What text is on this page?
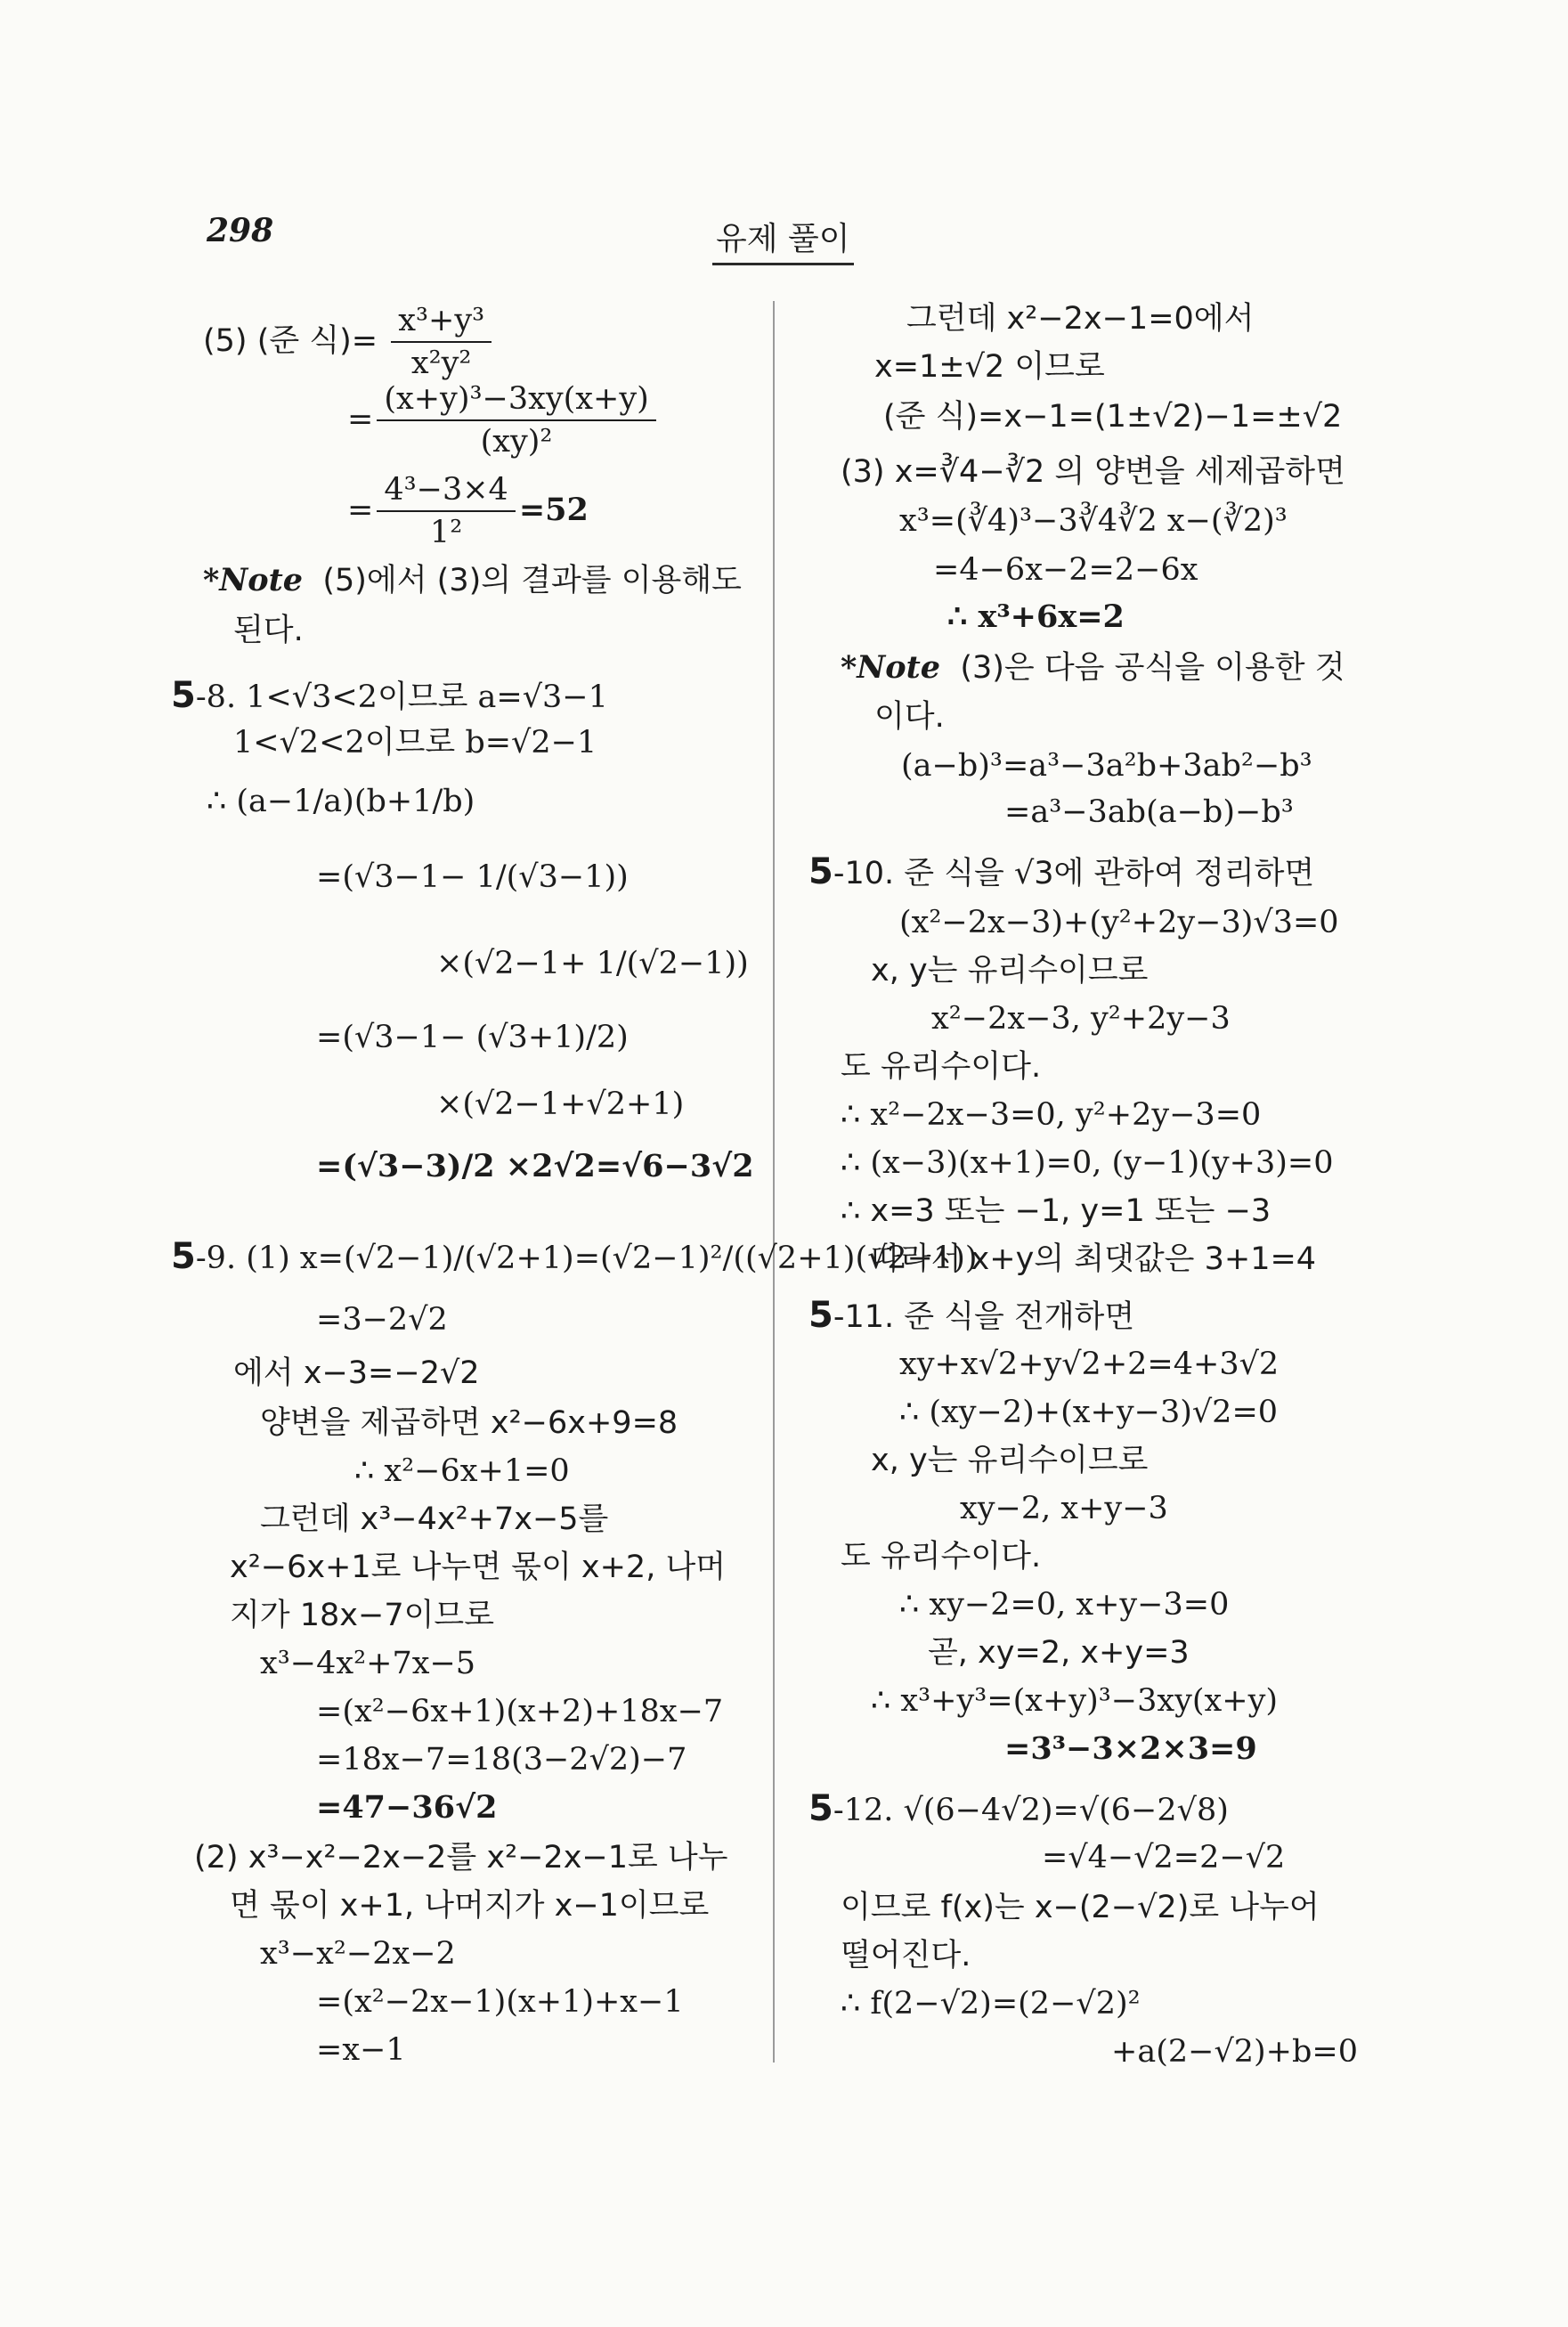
298	유제 풀이
(5) (준 식)= $\frac{\text{x³+y³}}{\text{x²y²}}$
= $\frac{\text{(x+y)³−3xy(x+y)}}{\text{(xy)²}}$
= $\frac{\text{4³−3×4}}{\text{1²}} =52$
*Note (5)에서 (3)의 결과를 이용해도
된다.
5-8. 1<√3<2이므로 a=√3−1
1<√2<2이므로 b=√2−1
∴ (a−1/a)(b+1/b)
=(√3−1− 1/(√3−1))
×(√2−1+ 1/(√2−1))
=(√3−1− (√3+1)/2)
×(√2−1+√2+1)
=(√3−3)/2 ×2√2=√6−3√2
5-9. (1) x=(√2−1)/(√2+1)=(√2−1)²/((√2+1)(√2−1))
=3−2√2
에서 x−3=−2√2
양변을 제곱하면 x²−6x+9=8
∴ x²−6x+1=0
그런데 x³−4x²+7x−5를
x²−6x+1로 나누면 몫이 x+2, 나머
지가 18x−7이므로
x³−4x²+7x−5
=(x²−6x+1)(x+2)+18x−7
=18x−7=18(3−2√2)−7
=47−36√2
(2) x³−x²−2x−2를 x²−2x−1로 나누
면 몫이 x+1, 나머지가 x−1이므로
x³−x²−2x−2
=(x²−2x−1)(x+1)+x−1
=x−1
그런데 x²−2x−1=0에서
x=1±√2 이므로
(준 식)=x−1=(1±√2)−1=±√2
(3) x=∛4−∛2 의 양변을 세제곱하면
x³=(∛4)³−3∛4∛2 x−(∛2)³
=4−6x−2=2−6x
∴ x³+6x=2
*Note (3)은 다음 공식을 이용한 것
이다.
(a−b)³=a³−3a²b+3ab²−b³
=a³−3ab(a−b)−b³
5-10. 준 식을 √3에 관하여 정리하면
(x²−2x−3)+(y²+2y−3)√3=0
x, y는 유리수이므로
x²−2x−3, y²+2y−3
도 유리수이다.
∴ x²−2x−3=0, y²+2y−3=0
∴ (x−3)(x+1)=0, (y−1)(y+3)=0
∴ x=3 또는 −1, y=1 또는 −3
따라서 x+y의 최댓값은 3+1=4
5-11. 준 식을 전개하면
xy+x√2+y√2+2=4+3√2
∴ (xy−2)+(x+y−3)√2=0
x, y는 유리수이므로
xy−2, x+y−3
도 유리수이다.
∴ xy−2=0, x+y−3=0
곧, xy=2, x+y=3
∴ x³+y³=(x+y)³−3xy(x+y)
=3³−3×2×3=9
5-12. √(6−4√2)=√(6−2√8)
=√4−√2=2−√2
이므로 f(x)는 x−(2−√2)로 나누어
떨어진다.
∴ f(2−√2)=(2−√2)²
+a(2−√2)+b=0
